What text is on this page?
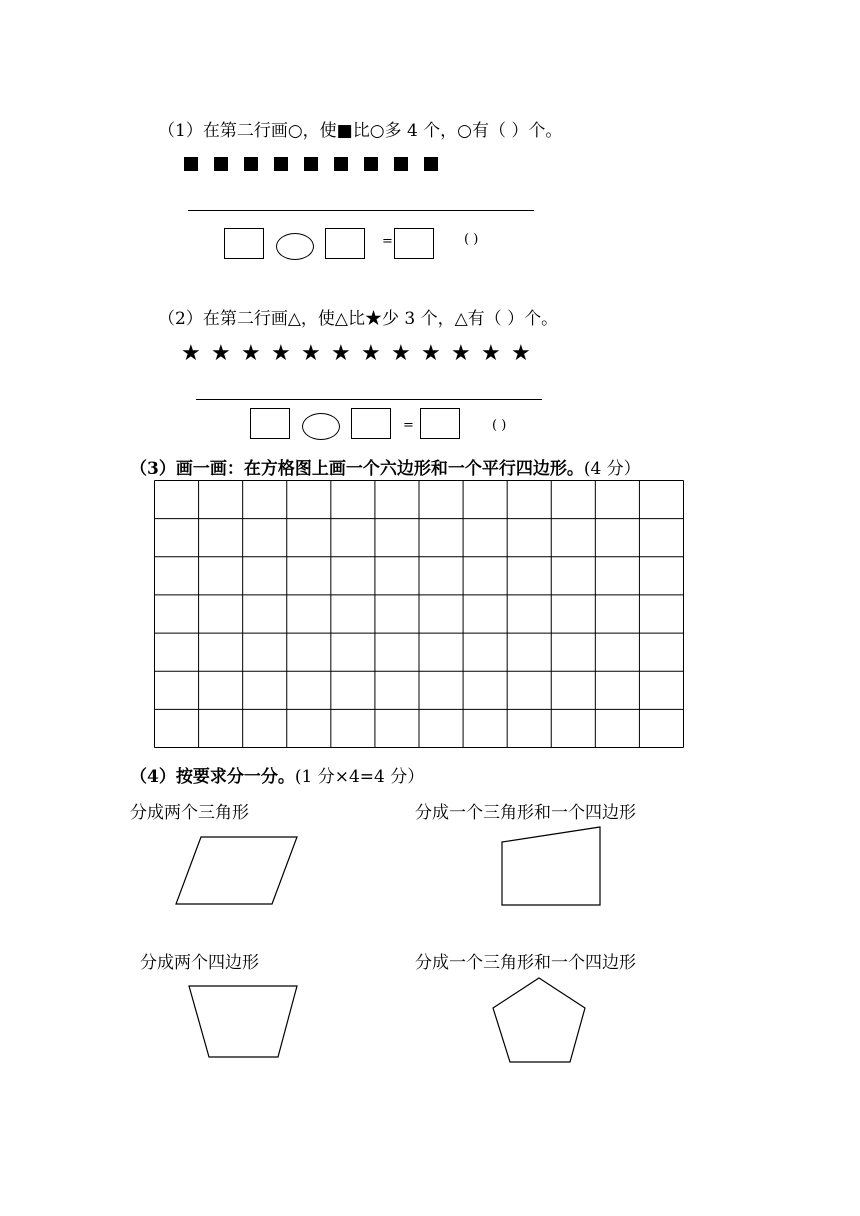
（1）在第二行画○，使■比○多 4 个，○有（ ）个。
=	( )
（2）在第二行画△，使△比★少 3 个，△有（ ）个。
★ ★ ★ ★ ★ ★ ★ ★ ★ ★ ★ ★
=	( )
（3）画一画：在方格图上画一个六边形和一个平行四边形。(4 分）
（4）按要求分一分。(1 分×4=4 分）
分成两个三角形	分成一个三角形和一个四边形
分成两个四边形	分成一个三角形和一个四边形
